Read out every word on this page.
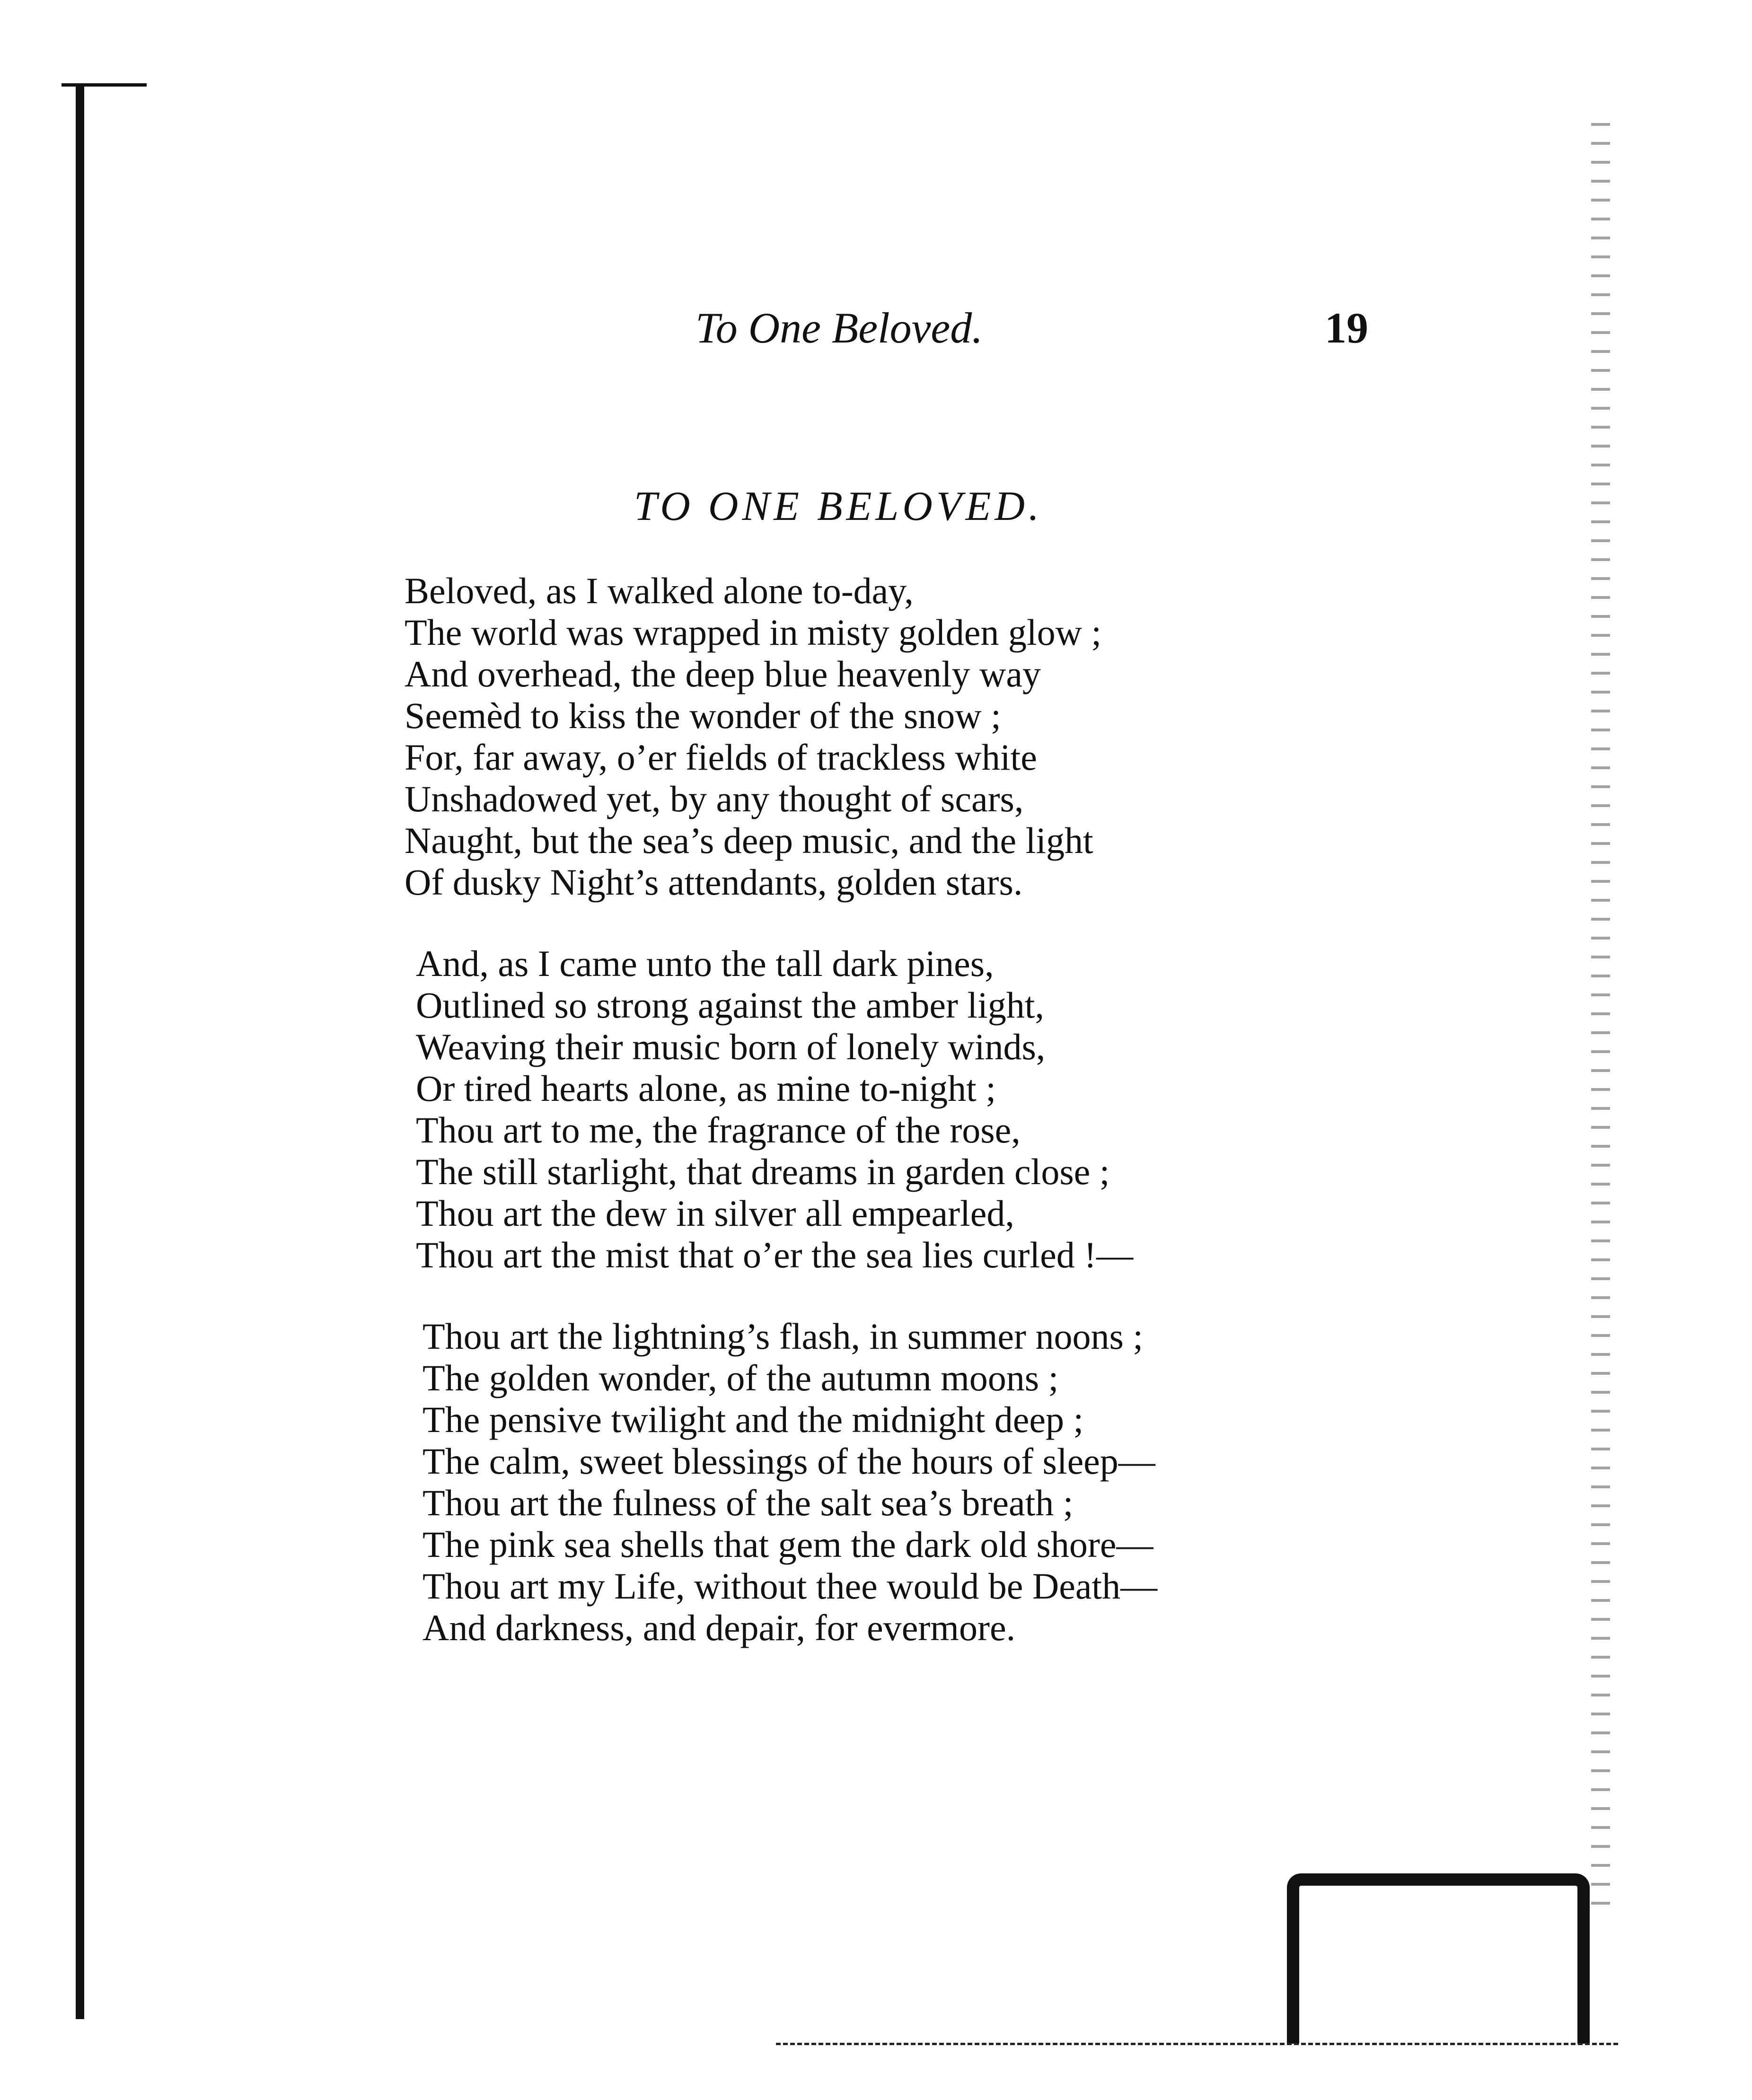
To One Beloved.	19
TO ONE BELOVED.
Beloved, as I walked alone to-day,
The world was wrapped in misty golden glow ;
And overhead, the deep blue heavenly way
Seemèd to kiss the wonder of the snow ;
For, far away, o’er fields of trackless white
Unshadowed yet, by any thought of scars,
Naught, but the sea’s deep music, and the light
Of dusky Night’s attendants, golden stars.
And, as I came unto the tall dark pines,
Outlined so strong against the amber light,
Weaving their music born of lonely winds,
Or tired hearts alone, as mine to-night ;
Thou art to me, the fragrance of the rose,
The still starlight, that dreams in garden close ;
Thou art the dew in silver all empearled,
Thou art the mist that o’er the sea lies curled !—
Thou art the lightning’s flash, in summer noons ;
The golden wonder, of the autumn moons ;
The pensive twilight and the midnight deep ;
The calm, sweet blessings of the hours of sleep—
Thou art the fulness of the salt sea’s breath ;
The pink sea shells that gem the dark old shore—
Thou art my Life, without thee would be Death—
And darkness, and depair, for evermore.
